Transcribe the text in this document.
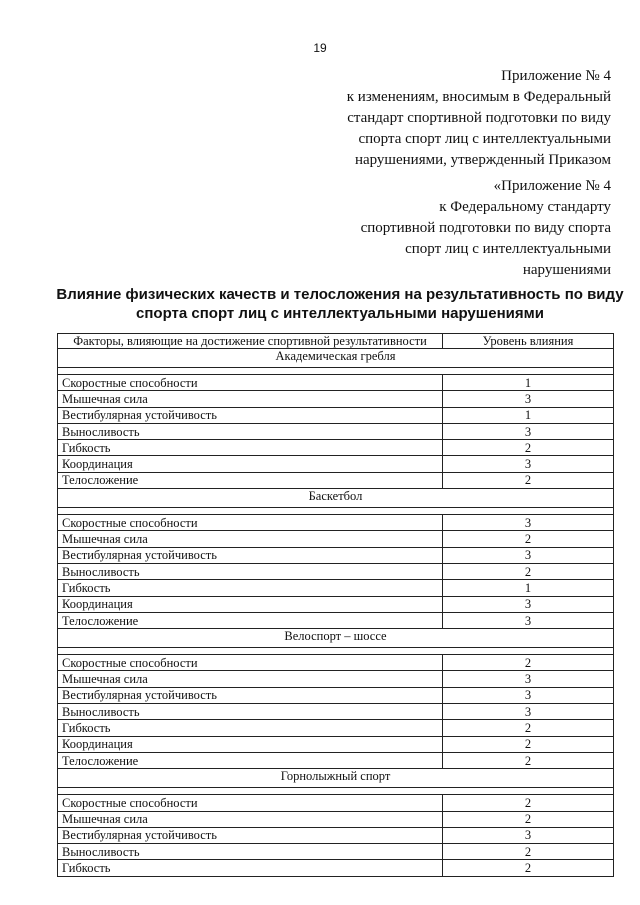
19
Приложение № 4
к изменениям, вносимым в Федеральный
стандарт спортивной подготовки по виду
спорта спорт лиц с интеллектуальными
нарушениями, утвержденный Приказом
«Приложение № 4
к Федеральному стандарту
спортивной подготовки по виду спорта
спорт лиц с интеллектуальными
нарушениями
Влияние физических качеств и телосложения на результативность по виду
спорта спорт лиц с интеллектуальными нарушениями
Факторы, влияющие на достижение спортивной результативности	Уровень влияния
Академическая гребля	

Скоростные способности	1
Мышечная сила	3
Вестибулярная устойчивость	1
Выносливость	3
Гибкость	2
Координация	3
Телосложение	2
Баскетбол	

Скоростные способности	3
Мышечная сила	2
Вестибулярная устойчивость	3
Выносливость	2
Гибкость	1
Координация	3
Телосложение	3
Велоспорт – шоссе	

Скоростные способности	2
Мышечная сила	3
Вестибулярная устойчивость	3
Выносливость	3
Гибкость	2
Координация	2
Телосложение	2
Горнолыжный спорт	

Скоростные способности	2
Мышечная сила	2
Вестибулярная устойчивость	3
Выносливость	2
Гибкость	2
